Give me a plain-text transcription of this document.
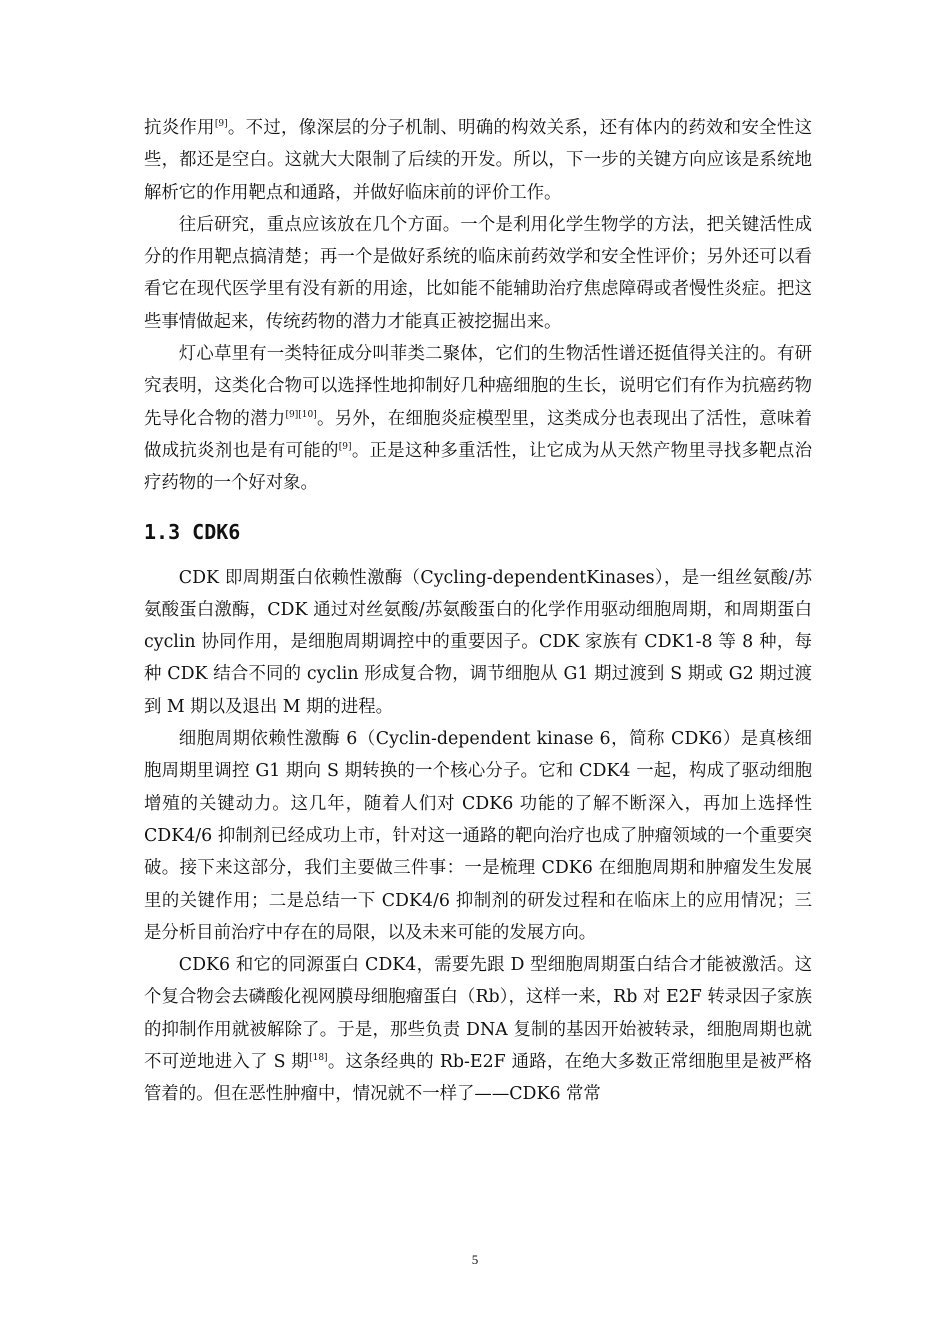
抗炎作用[9]。不过，像深层的分子机制、明确的构效关系，还有体内的药效和安全性这些，都还是空白。这就大大限制了后续的开发。所以，下一步的关键方向应该是系统地解析它的作用靶点和通路，并做好临床前的评价工作。

往后研究，重点应该放在几个方面。一个是利用化学生物学的方法，把关键活性成分的作用靶点搞清楚；再一个是做好系统的临床前药效学和安全性评价；另外还可以看看它在现代医学里有没有新的用途，比如能不能辅助治疗焦虑障碍或者慢性炎症。把这些事情做起来，传统药物的潜力才能真正被挖掘出来。

灯心草里有一类特征成分叫菲类二聚体，它们的生物活性谱还挺值得关注的。有研究表明，这类化合物可以选择性地抑制好几种癌细胞的生长，说明它们有作为抗癌药物先导化合物的潜力[9][10]。另外，在细胞炎症模型里，这类成分也表现出了活性，意味着做成抗炎剂也是有可能的[9]。正是这种多重活性，让它成为从天然产物里寻找多靶点治疗药物的一个好对象。

1.3 CDK6

CDK 即周期蛋白依赖性激酶（Cycling-dependentKinases），是一组丝氨酸/苏氨酸蛋白激酶，CDK 通过对丝氨酸/苏氨酸蛋白的化学作用驱动细胞周期，和周期蛋白 cyclin 协同作用，是细胞周期调控中的重要因子。CDK 家族有 CDK1-8 等 8 种，每种 CDK 结合不同的 cyclin 形成复合物，调节细胞从 G1 期过渡到 S 期或 G2 期过渡到 M 期以及退出 M 期的进程。

细胞周期依赖性激酶 6（Cyclin-dependent kinase 6，简称 CDK6）是真核细胞周期里调控 G1 期向 S 期转换的一个核心分子。它和 CDK4 一起，构成了驱动细胞增殖的关键动力。这几年，随着人们对 CDK6 功能的了解不断深入，再加上选择性 CDK4/6 抑制剂已经成功上市，针对这一通路的靶向治疗也成了肿瘤领域的一个重要突破。接下来这部分，我们主要做三件事：一是梳理 CDK6 在细胞周期和肿瘤发生发展里的关键作用；二是总结一下 CDK4/6 抑制剂的研发过程和在临床上的应用情况；三是分析目前治疗中存在的局限，以及未来可能的发展方向。

CDK6 和它的同源蛋白 CDK4，需要先跟 D 型细胞周期蛋白结合才能被激活。这个复合物会去磷酸化视网膜母细胞瘤蛋白（Rb），这样一来，Rb 对 E2F 转录因子家族的抑制作用就被解除了。于是，那些负责 DNA 复制的基因开始被转录，细胞周期也就不可逆地进入了 S 期[18]。这条经典的 Rb-E2F 通路，在绝大多数正常细胞里是被严格管着的。但在恶性肿瘤中，情况就不一样了——CDK6 常常

5
